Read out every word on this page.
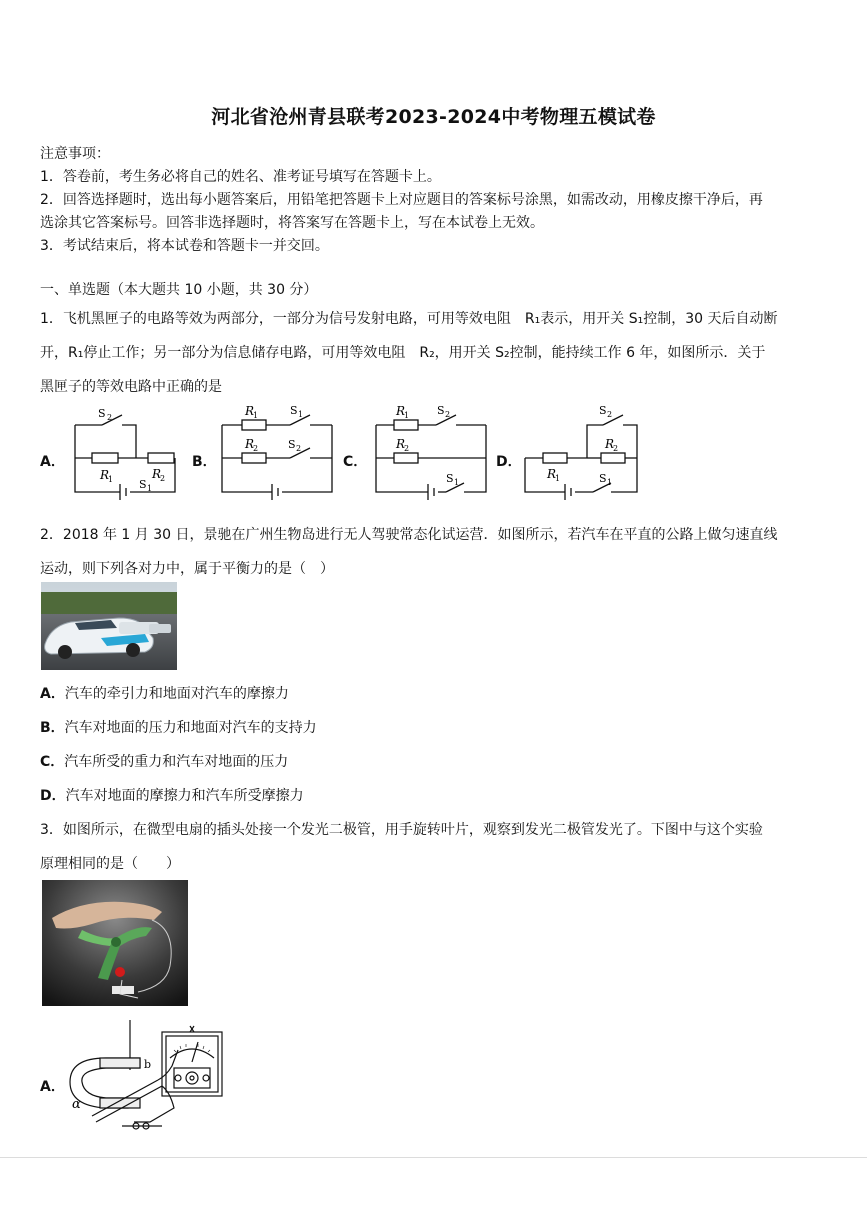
河北省沧州青县联考2023-2024中考物理五模试卷
注意事项：
1．答卷前，考生务必将自己的姓名、准考证号填写在答题卡上。
2．回答选择题时，选出每小题答案后，用铅笔把答题卡上对应题目的答案标号涂黑，如需改动，用橡皮擦干净后，再
选涂其它答案标号。回答非选择题时，将答案写在答题卡上，写在本试卷上无效。
3．考试结束后，将本试卷和答题卡一并交回。
一、单选题（本大题共 10 小题，共 30 分）
1．飞机黑匣子的电路等效为两部分，一部分为信号发射电路，可用等效电阻　R₁表示，用开关 S₁控制，30 天后自动断
开，R₁停止工作；另一部分为信息储存电路，可用等效电阻　R₂，用开关 S₂控制，能持续工作 6 年，如图所示．关于
黑匣子的等效电路中正确的是
A．	B．	C．	D．
S 2
R
1	R
2
S 1
R
1	S 1
R
2	S 2
R
1	S 2
R
2
S 1
S 2
R
2
R
1	S 1
2．2018 年 1 月 30 日，景驰在广州生物岛进行无人驾驶常态化试运营．如图所示，若汽车在平直的公路上做匀速直线
运动，则下列各对力中，属于平衡力的是（　）
A．汽车的牵引力和地面对汽车的摩擦力
B．汽车对地面的压力和地面对汽车的支持力
C．汽车所受的重力和汽车对地面的压力
D．汽车对地面的摩擦力和汽车所受摩擦力
3．如图所示，在微型电扇的插头处接一个发光二极管，用手旋转叶片，观察到发光二极管发光了。下图中与这个实验
原理相同的是（　　）
A．
α
b
